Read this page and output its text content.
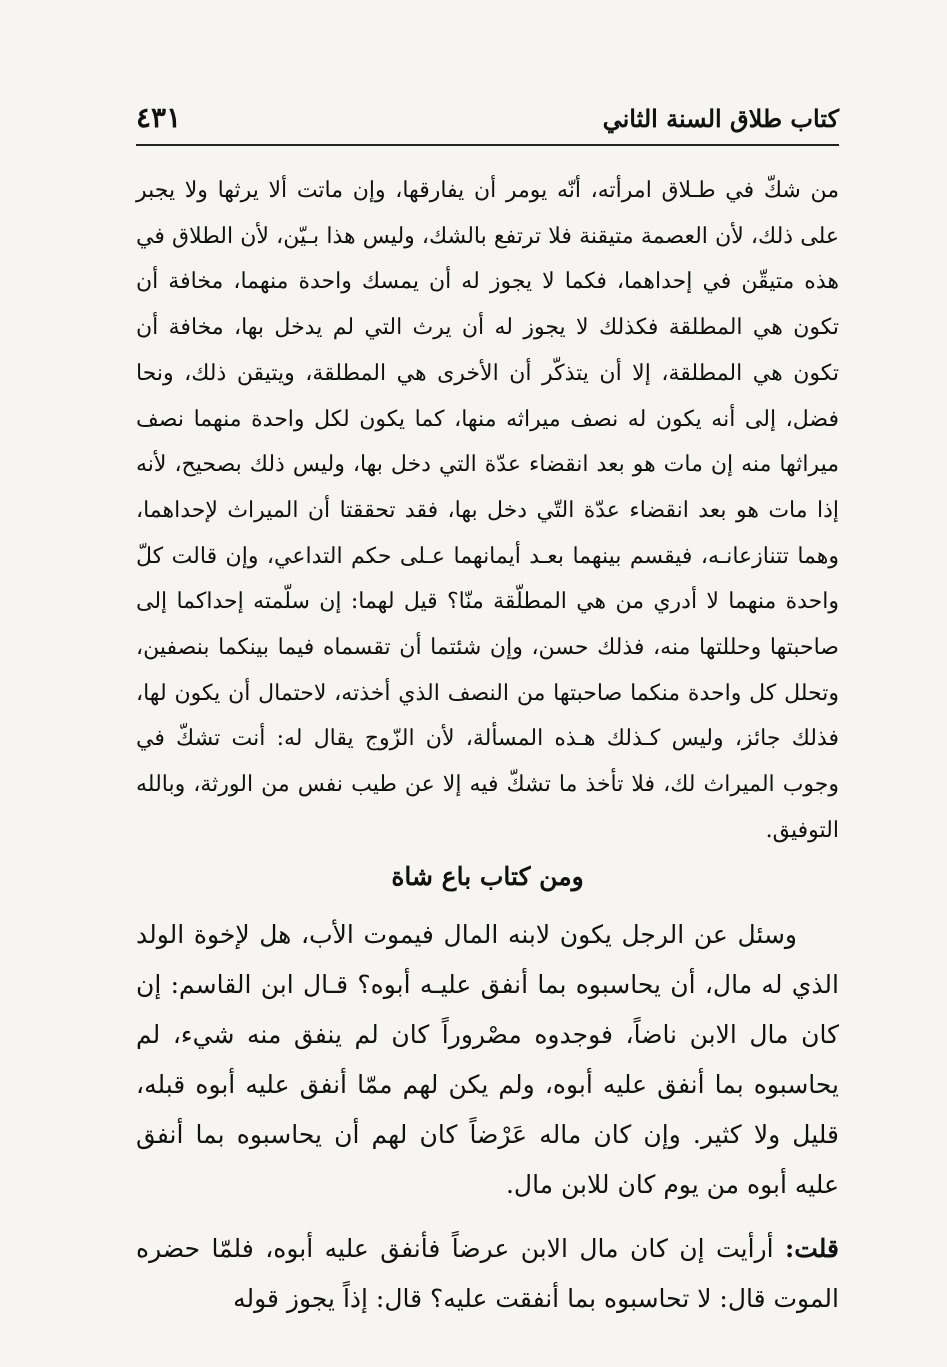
كتاب طلاق السنة الثاني
٤٣١
من شكّ في طـلاق امرأته، أنّه يومر أن يفارقها، وإن ماتت ألا يرثها ولا يجبر على ذلك، لأن العصمة متيقنة فلا ترتفع بالشك، وليس هذا بـيّن، لأن الطلاق في هذه متيقّن في إحداهما، فكما لا يجوز له أن يمسك واحدة منهما، مخافة أن تكون هي المطلقة فكذلك لا يجوز له أن يرث التي لم يدخل بها، مخافة أن تكون هي المطلقة، إلا أن يتذكّر أن الأخرى هي المطلقة، ويتيقن ذلك، ونحا فضل، إلى أنه يكون له نصف ميراثه منها، كما يكون لكل واحدة منهما نصف ميراثها منه إن مات هو بعد انقضاء عدّة التي دخل بها، وليس ذلك بصحيح، لأنه إذا مات هو بعد انقضاء عدّة التّي دخل بها، فقد تحققتا أن الميراث لإحداهما، وهما تتنازعانـه، فيقسم بينهما بعـد أيمانهما عـلى حكم التداعي، وإن قالت كلّ واحدة منهما لا أدري من هي المطلّقة منّا؟ قيل لهما: إن سلّمته إحداكما إلى صاحبتها وحللتها منه، فذلك حسن، وإن شئتما أن تقسماه فيما بينكما بنصفين، وتحلل كل واحدة منكما صاحبتها من النصف الذي أخذته، لاحتمال أن يكون لها، فذلك جائز، وليس كـذلك هـذه المسألة، لأن الزّوج يقال له: أنت تشكّ في وجوب الميراث لك، فلا تأخذ ما تشكّ فيه إلا عن طيب نفس من الورثة، وبالله التوفيق.
ومن كتاب باع شاة

وسئل عن الرجل يكون لابنه المال فيموت الأب، هل لإخوة الولد الذي له مال، أن يحاسبوه بما أنفق عليـه أبوه؟ قـال ابن القاسم: إن كان مال الابن ناضاً، فوجدوه مصْروراً كان لم ينفق منه شيء، لم يحاسبوه بما أنفق عليه أبوه، ولم يكن لهم ممّا أنفق عليه أبوه قبله، قليل ولا كثير. وإن كان ماله عَرْضاً كان لهم أن يحاسبوه بما أنفق عليه أبوه من يوم كان للابن مال.

قلت: أرأيت إن كان مال الابن عرضاً فأنفق عليه أبوه، فلمّا حضره الموت قال: لا تحاسبوه بما أنفقت عليه؟ قال: إذاً يجوز قوله
